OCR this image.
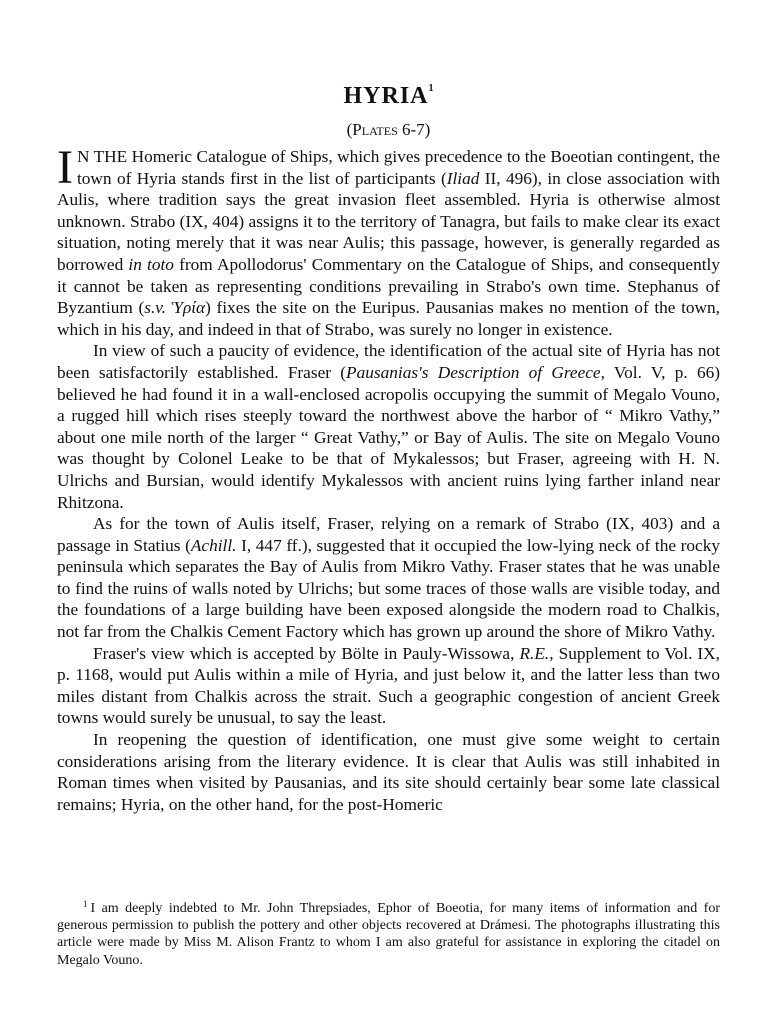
HYRIA$^1$
(Plates 6-7)

I N THE Homeric Catalogue of Ships, which gives precedence to the Boeotian contingent, the town of Hyria stands first in the list of participants (Iliad II, 496), in close association with Aulis, where tradition says the great invasion fleet assembled. Hyria is otherwise almost unknown. Strabo (IX, 404) assigns it to the territory of Tanagra, but fails to make clear its exact situation, noting merely that it was near Aulis; this passage, however, is generally regarded as borrowed in toto from Apollodorus' Commentary on the Catalogue of Ships, and consequently it cannot be taken as representing conditions prevailing in Strabo's own time. Stephanus of Byzantium (s.v. Ὑρία) fixes the site on the Euripus. Pausanias makes no mention of the town, which in his day, and indeed in that of Strabo, was surely no longer in existence.

In view of such a paucity of evidence, the identification of the actual site of Hyria has not been satisfactorily established. Fraser (Pausanias's Description of Greece, Vol. V, p. 66) believed he had found it in a wall-enclosed acropolis occupying the summit of Megalo Vouno, a rugged hill which rises steeply toward the northwest above the harbor of “ Mikro Vathy,” about one mile north of the larger “ Great Vathy,” or Bay of Aulis. The site on Megalo Vouno was thought by Colonel Leake to be that of Mykalessos; but Fraser, agreeing with H. N. Ulrichs and Bursian, would identify Mykalessos with ancient ruins lying farther inland near Rhitzona.

As for the town of Aulis itself, Fraser, relying on a remark of Strabo (IX, 403) and a passage in Statius (Achill. I, 447 ff.), suggested that it occupied the low-lying neck of the rocky peninsula which separates the Bay of Aulis from Mikro Vathy. Fraser states that he was unable to find the ruins of walls noted by Ulrichs; but some traces of those walls are visible today, and the foundations of a large building have been exposed alongside the modern road to Chalkis, not far from the Chalkis Cement Factory which has grown up around the shore of Mikro Vathy.

Fraser's view which is accepted by Bölte in Pauly-Wissowa, R.E., Supplement to Vol. IX, p. 1168, would put Aulis within a mile of Hyria, and just below it, and the latter less than two miles distant from Chalkis across the strait. Such a geographic congestion of ancient Greek towns would surely be unusual, to say the least.

In reopening the question of identification, one must give some weight to certain considerations arising from the literary evidence. It is clear that Aulis was still inhabited in Roman times when visited by Pausanias, and its site should certainly bear some late classical remains; Hyria, on the other hand, for the post-Homeric

$^1$ I am deeply indebted to Mr. John Threpsiades, Ephor of Boeotia, for many items of information and for generous permission to publish the pottery and other objects recovered at Drámesi. The photographs illustrating this article were made by Miss M. Alison Frantz to whom I am also grateful for assistance in exploring the citadel on Megalo Vouno.
